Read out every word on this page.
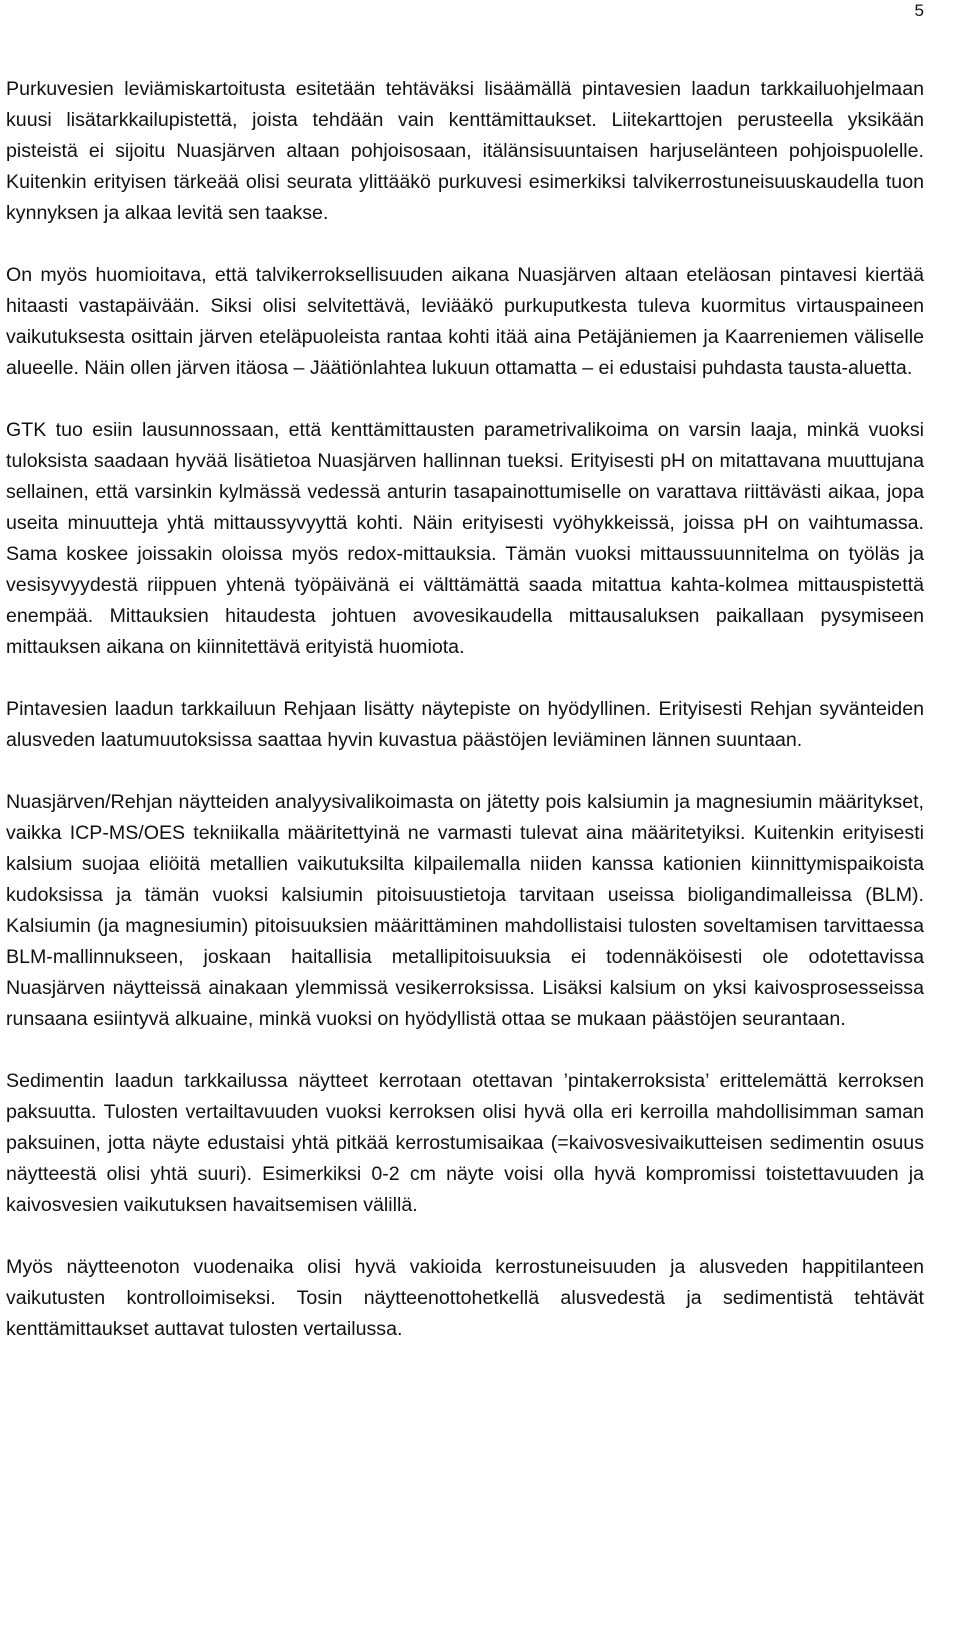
5

Purkuvesien leviämiskartoitusta esitetään tehtäväksi lisäämällä pintavesien laadun tarkkailuohjelmaan kuusi lisätarkkailupistettä, joista tehdään vain kenttämittaukset. Liitekarttojen perusteella yksikään pisteistä ei sijoitu Nuasjärven altaan pohjoisosaan, itälänsisuuntaisen harjuselänteen pohjoispuolelle. Kuitenkin erityisen tärkeää olisi seurata ylittääkö purkuvesi esimerkiksi talvikerrostuneisuuskaudella tuon kynnyksen ja alkaa levitä sen taakse.

On myös huomioitava, että talvikerroksellisuuden aikana Nuasjärven altaan eteläosan pintavesi kiertää hitaasti vastapäivään. Siksi olisi selvitettävä, leviääkö purkuputkesta tuleva kuormitus virtauspaineen vaikutuksesta osittain järven eteläpuoleista rantaa kohti itää aina Petäjäniemen ja Kaarreniemen väliselle alueelle. Näin ollen järven itäosa – Jäätiönlahtea lukuun ottamatta – ei edustaisi puhdasta tausta-aluetta.

GTK tuo esiin lausunnossaan, että kenttämittausten parametrivalikoima on varsin laaja, minkä vuoksi tuloksista saadaan hyvää lisätietoa Nuasjärven hallinnan tueksi. Erityisesti pH on mitattavana muuttujana sellainen, että varsinkin kylmässä vedessä anturin tasapainottumiselle on varattava riittävästi aikaa, jopa useita minuutteja yhtä mittaussyvyyttä kohti. Näin erityisesti vyöhykkeissä, joissa pH on vaihtumassa. Sama koskee joissakin oloissa myös redox-mittauksia. Tämän vuoksi mittaussuunnitelma on työläs ja vesisyvyydestä riippuen yhtenä työpäivänä ei välttämättä saada mitattua kahta-kolmea mittauspistettä enempää. Mittauksien hitaudesta johtuen avovesikaudella mittausaluksen paikallaan pysymiseen mittauksen aikana on kiinnitettävä erityistä huomiota.

Pintavesien laadun tarkkailuun Rehjaan lisätty näytepiste on hyödyllinen. Erityisesti Rehjan syvänteiden alusveden laatumuutoksissa saattaa hyvin kuvastua päästöjen leviäminen lännen suuntaan.

Nuasjärven/Rehjan näytteiden analyysivalikoimasta on jätetty pois kalsiumin ja magnesiumin määritykset, vaikka ICP-MS/OES tekniikalla määritettyinä ne varmasti tulevat aina määritetyiksi. Kuitenkin erityisesti kalsium suojaa eliöitä metallien vaikutuksilta kilpailemalla niiden kanssa kationien kiinnittymispaikoista kudoksissa ja tämän vuoksi kalsiumin pitoisuustietoja tarvitaan useissa bioligandimalleissa (BLM). Kalsiumin (ja magnesiumin) pitoisuuksien määrittäminen mahdollistaisi tulosten soveltamisen tarvittaessa BLM-mallinnukseen, joskaan haitallisia metallipitoisuuksia ei todennäköisesti ole odotettavissa Nuasjärven näytteissä ainakaan ylemmissä vesikerroksissa. Lisäksi kalsium on yksi kaivosprosesseissa runsaana esiintyvä alkuaine, minkä vuoksi on hyödyllistä ottaa se mukaan päästöjen seurantaan.

Sedimentin laadun tarkkailussa näytteet kerrotaan otettavan ’pintakerroksista’ erittelemättä kerroksen paksuutta. Tulosten vertailtavuuden vuoksi kerroksen olisi hyvä olla eri kerroilla mahdollisimman saman paksuinen, jotta näyte edustaisi yhtä pitkää kerrostumisaikaa (=kaivosvesivaikutteisen sedimentin osuus näytteestä olisi yhtä suuri). Esimerkiksi 0-2 cm näyte voisi olla hyvä kompromissi toistettavuuden ja kaivosvesien vaikutuksen havaitsemisen välillä.

Myös näytteenoton vuodenaika olisi hyvä vakioida kerrostuneisuuden ja alusveden happitilanteen vaikutusten kontrolloimiseksi. Tosin näytteenottohetkellä alusvedestä ja sedimentistä tehtävät kenttämittaukset auttavat tulosten vertailussa.
